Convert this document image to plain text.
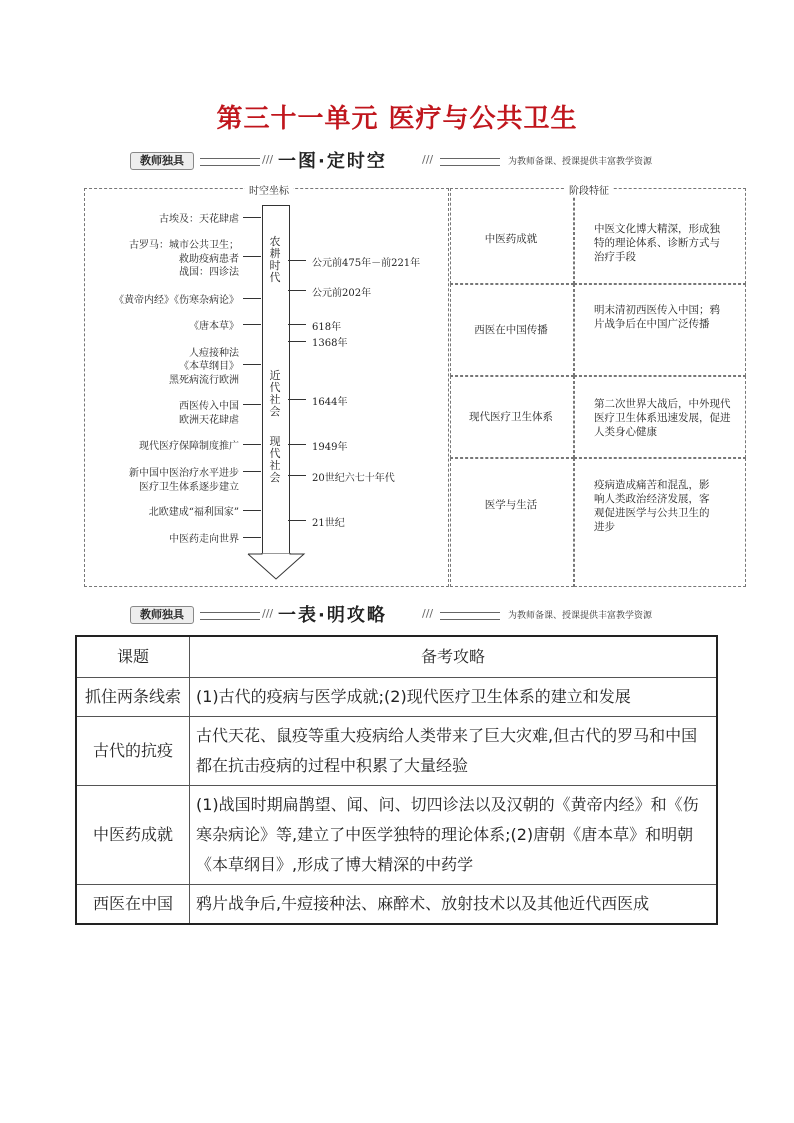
第三十一单元 医疗与公共卫生
教师独具	/// 一图·定时空	///	为教师备课、授课提供丰富教学资源
时空坐标
农
耕
时
代
近
代
社
会
现
代
社
会
古埃及：天花肆虐
古罗马：城市公共卫生；
救助疫病患者
战国：四诊法
《黄帝内经》《伤寒杂病论》
《唐本草》
人痘接种法
《本草纲目》
黑死病流行欧洲
西医传入中国
欧洲天花肆虐
现代医疗保障制度推广
新中国中医治疗水平进步
医疗卫生体系逐步建立
北欧建成“福利国家”
中医药走向世界
公元前475年－前221年
公元前202年
618年
1368年
1644年
1949年
20世纪六七十年代
21世纪
阶段特征
中医药成就
中医文化博大精深，形成独特的理论体系、诊断方式与治疗手段
西医在中国传播
明末清初西医传入中国；鸦片战争后在中国广泛传播
现代医疗卫生体系
第二次世界大战后，中外现代医疗卫生体系迅速发展，促进人类身心健康
医学与生活
疫病造成痛苦和混乱，影响人类政治经济发展，客观促进医学与公共卫生的进步
教师独具	/// 一表·明攻略	///	为教师备课、授课提供丰富教学资源
课题	备考攻略
抓住两条线索	(1)古代的疫病与医学成就;(2)现代医疗卫生体系的建立和发展
古代的抗疫	古代天花、鼠疫等重大疫病给人类带来了巨大灾难,但古代的罗马和中国都在抗击疫病的过程中积累了大量经验
中医药成就	(1)战国时期扁鹊望、闻、问、切四诊法以及汉朝的《黄帝内经》和《伤寒杂病论》等,建立了中医学独特的理论体系;(2)唐朝《唐本草》和明朝《本草纲目》,形成了博大精深的中药学
西医在中国	鸦片战争后,牛痘接种法、麻醉术、放射技术以及其他近代西医成
